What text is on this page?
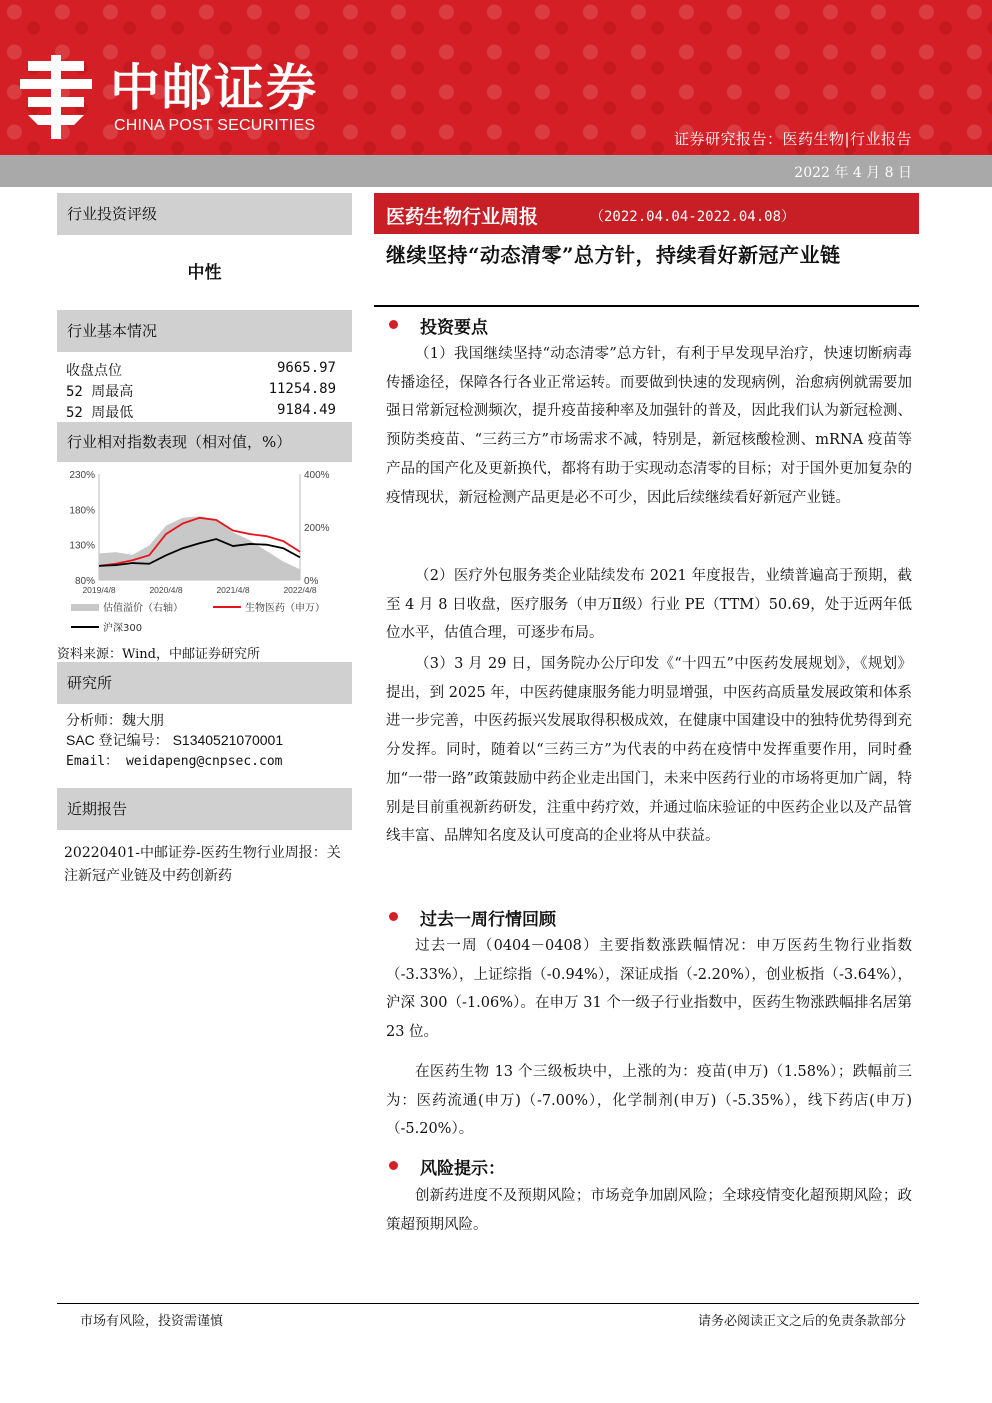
中邮证券
CHINA POST SECURITIES
证券研究报告：医药生物|行业报告
2022 年 4 月 8 日
行业投资评级
中性
行业基本情况
收盘点位	9665.97
52 周最高	11254.89
52 周最低	9184.49
行业相对指数表现（相对值，%）
230%
180%
130%
80%
400%
200%
0%
2019/4/8	2020/4/8	2021/4/8	2022/4/8
估值溢价（右轴）	生物医药（申万）
沪深300
资料来源：Wind，中邮证券研究所
研究所
分析师：魏大朋
SAC 登记编号： S1340521070001
Email： weidapeng@cnpsec.com
近期报告
20220401-中邮证券-医药生物行业周报：关注新冠产业链及中药创新药
医药生物行业周报	（2022.04.04-2022.04.08）
继续坚持“动态清零”总方针，持续看好新冠产业链
投资要点

（1）我国继续坚持“动态清零”总方针，有利于早发现早治疗，快速切断病毒传播途径，保障各行各业正常运转。而要做到快速的发现病例，治愈病例就需要加强日常新冠检测频次，提升疫苗接种率及加强针的普及，因此我们认为新冠检测、预防类疫苗、“三药三方”市场需求不减，特别是，新冠核酸检测、mRNA 疫苗等产品的国产化及更新换代，都将有助于实现动态清零的目标；对于国外更加复杂的疫情现状，新冠检测产品更是必不可少，因此后续继续看好新冠产业链。

（2）医疗外包服务类企业陆续发布 2021 年度报告，业绩普遍高于预期，截至 4 月 8 日收盘，医疗服务（申万Ⅱ级）行业 PE（TTM）50.69，处于近两年低位水平，估值合理，可逐步布局。

（3）3 月 29 日，国务院办公厅印发《“十四五”中医药发展规划》，《规划》提出，到 2025 年，中医药健康服务能力明显增强，中医药高质量发展政策和体系进一步完善，中医药振兴发展取得积极成效，在健康中国建设中的独特优势得到充分发挥。同时，随着以“三药三方”为代表的中药在疫情中发挥重要作用，同时叠加“一带一路”政策鼓励中药企业走出国门，未来中医药行业的市场将更加广阔，特别是目前重视新药研发，注重中药疗效，并通过临床验证的中医药企业以及产品管线丰富、品牌知名度及认可度高的企业将从中获益。

过去一周行情回顾

过去一周（0404－0408）主要指数涨跌幅情况：申万医药生物行业指数（-3.33%），上证综指（-0.94%），深证成指（-2.20%），创业板指（-3.64%），沪深 300（-1.06%）。在申万 31 个一级子行业指数中，医药生物涨跌幅排名居第 23 位。

在医药生物 13 个三级板块中，上涨的为：疫苗(申万)（1.58%）；跌幅前三为：医药流通(申万)（-7.00%），化学制剂(申万)（-5.35%），线下药店(申万)（-5.20%）。

风险提示：

创新药进度不及预期风险；市场竞争加剧风险；全球疫情变化超预期风险；政策超预期风险。

市场有风险，投资需谨慎	请务必阅读正文之后的免责条款部分
